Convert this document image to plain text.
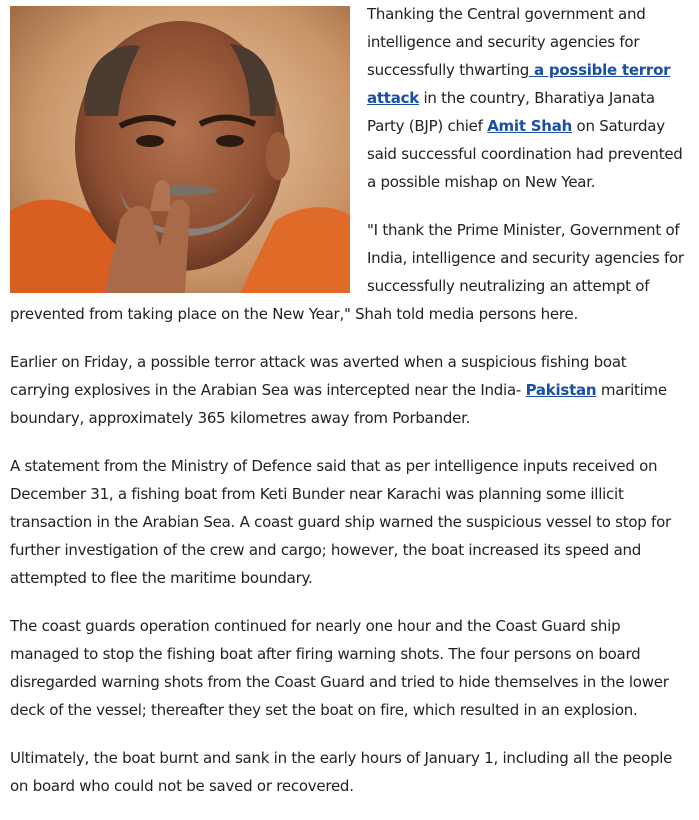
Thanking the Central government and intelligence and security agencies for successfully thwarting a possible terror attack in the country, Bharatiya Janata Party (BJP) chief Amit Shah on Saturday said successful coordination had prevented a possible mishap on New Year.

"I thank the Prime Minister, Government of India, intelligence and security agencies for successfully neutralizing an attempt of prevented from taking place on the New Year," Shah told media persons here.

Earlier on Friday, a possible terror attack was averted when a suspicious fishing boat carrying explosives in the Arabian Sea was intercepted near the India- Pakistan maritime boundary, approximately 365 kilometres away from Porbander.

A statement from the Ministry of Defence said that as per intelligence inputs received on December 31, a fishing boat from Keti Bunder near Karachi was planning some illicit transaction in the Arabian Sea. A coast guard ship warned the suspicious vessel to stop for further investigation of the crew and cargo; however, the boat increased its speed and attempted to flee the maritime boundary.

The coast guards operation continued for nearly one hour and the Coast Guard ship managed to stop the fishing boat after firing warning shots. The four persons on board disregarded warning shots from the Coast Guard and tried to hide themselves in the lower deck of the vessel; thereafter they set the boat on fire, which resulted in an explosion.

Ultimately, the boat burnt and sank in the early hours of January 1, including all the people on board who could not be saved or recovered.
